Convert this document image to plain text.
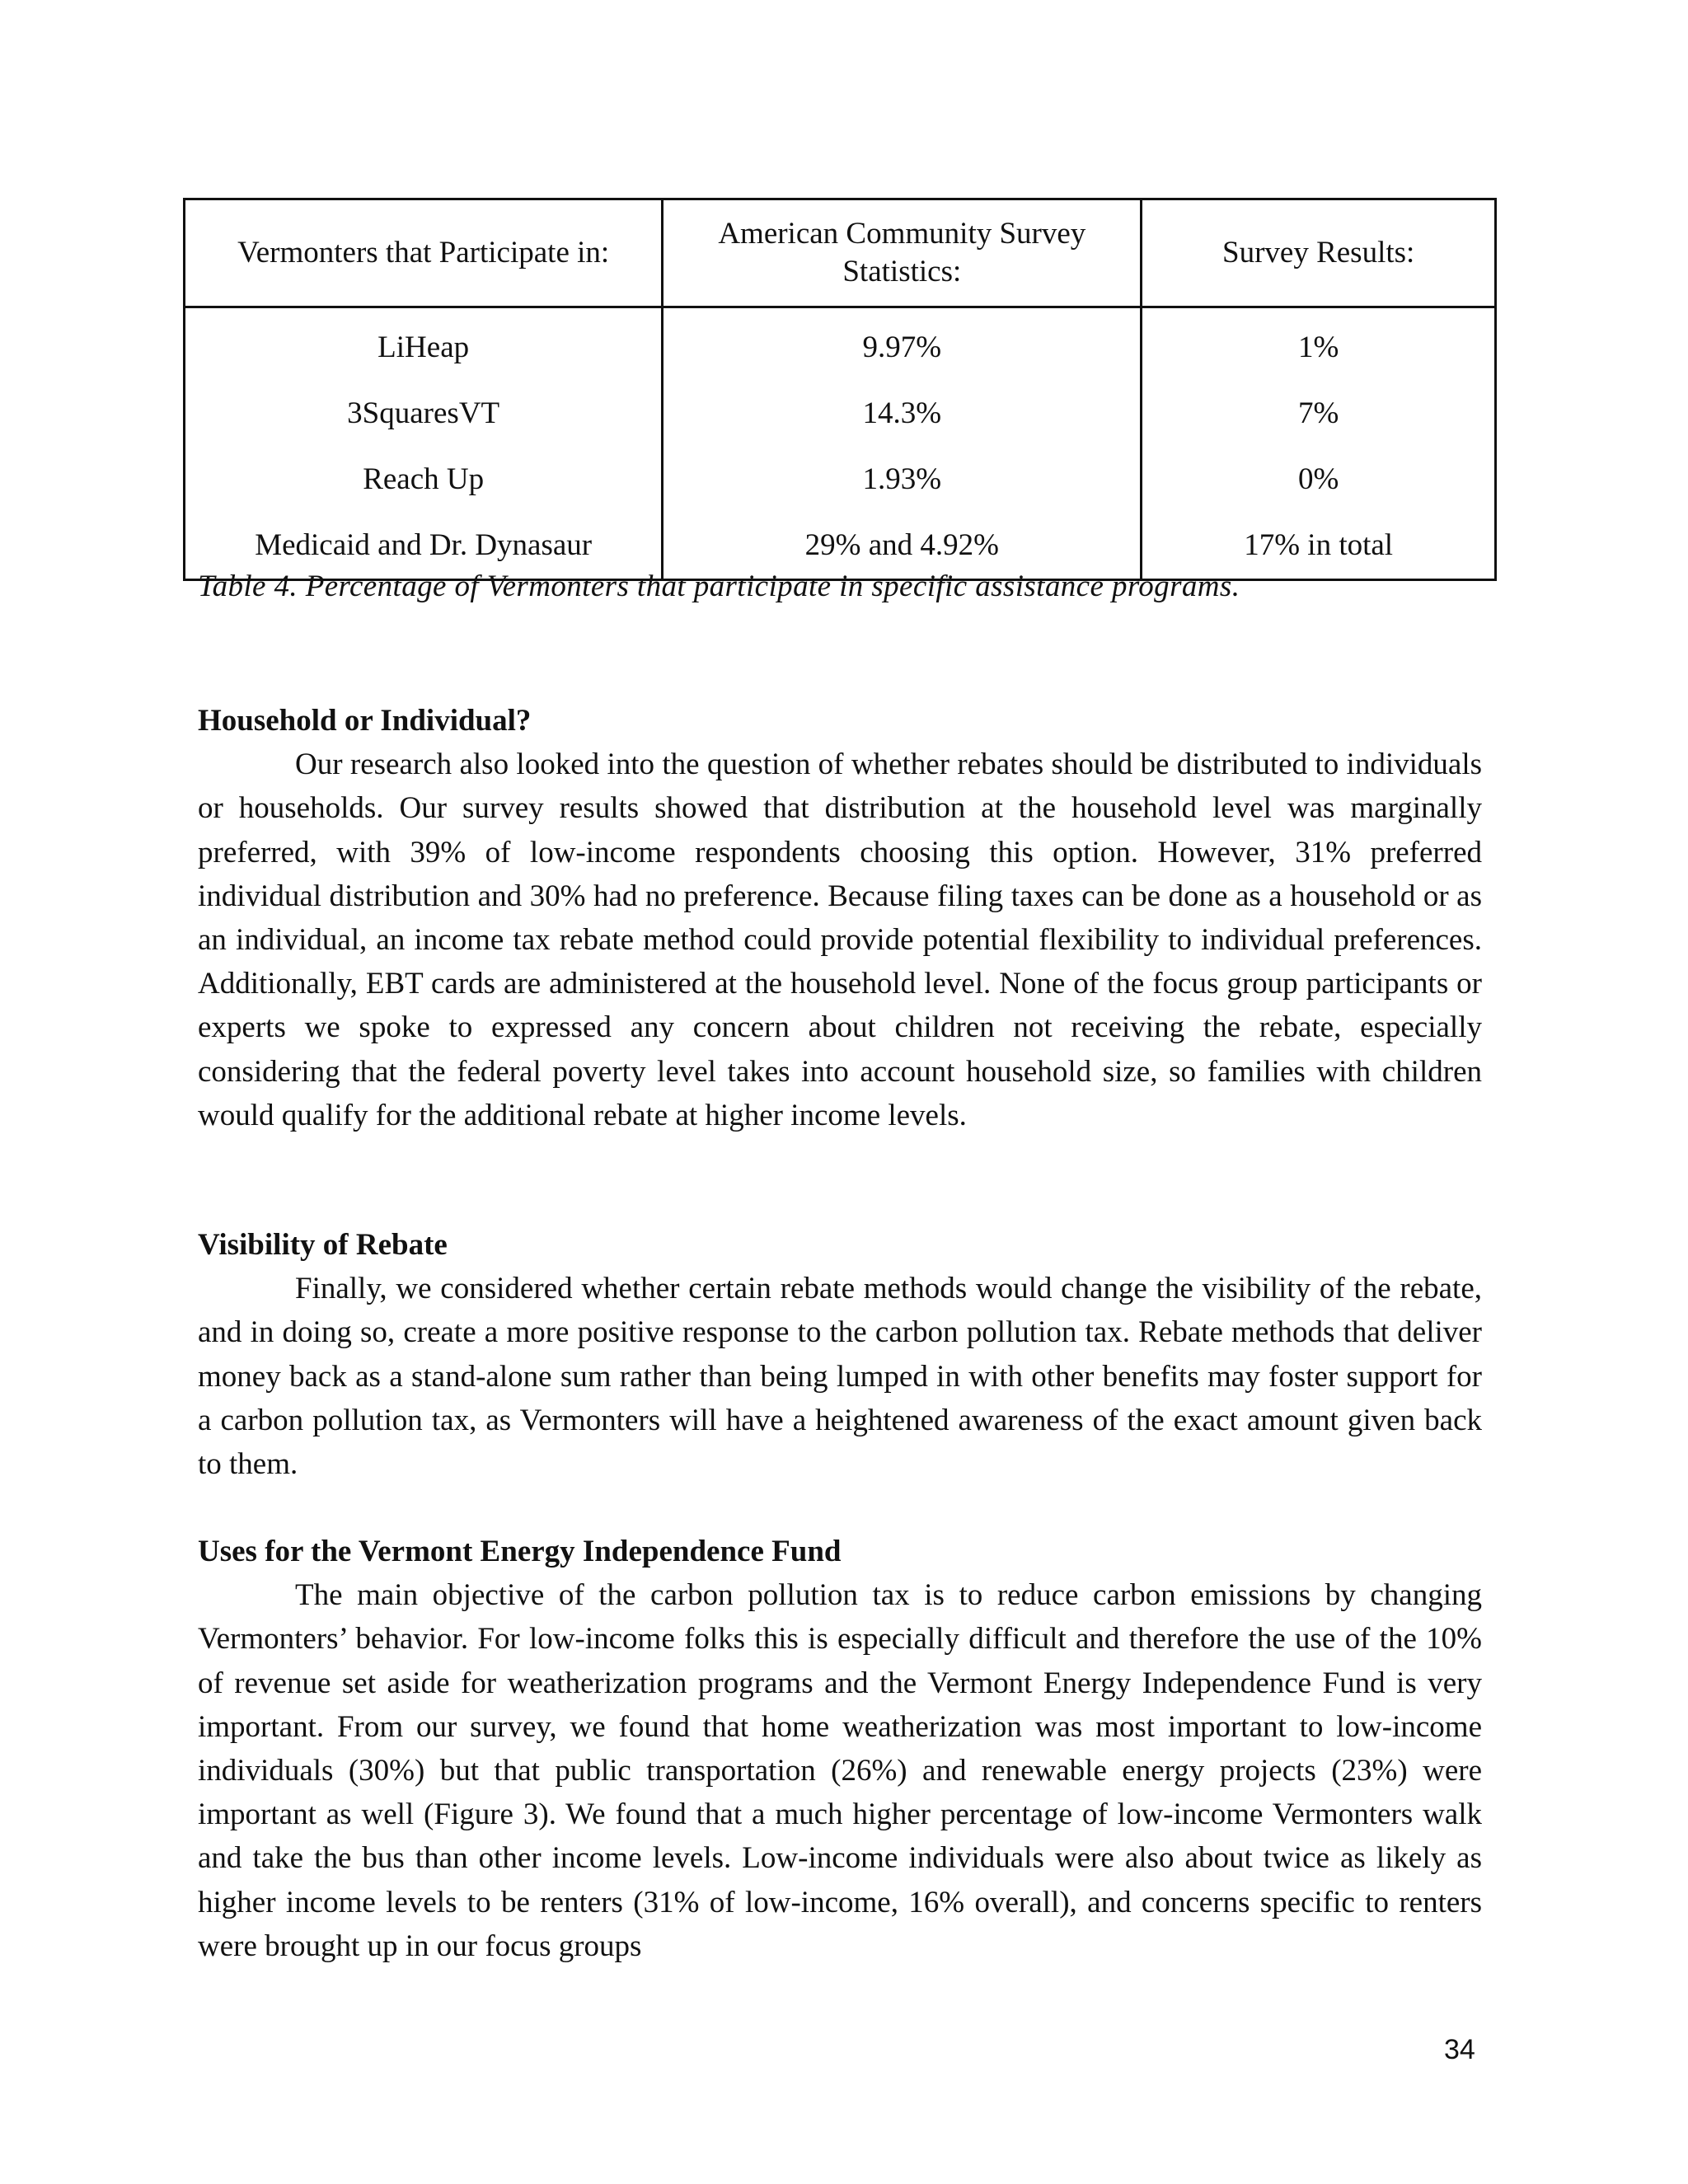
Vermonters that Participate in:	American Community Survey Statistics:	Survey Results:
LiHeap	9.97%	1%
3SquaresVT	14.3%	7%
Reach Up	1.93%	0%
Medicaid and Dr. Dynasaur	29% and 4.92%	17% in total
Table 4. Percentage of Vermonters that participate in specific assistance programs.
Household or Individual?

Our research also looked into the question of whether rebates should be distributed to individuals or households. Our survey results showed that distribution at the household level was marginally preferred, with 39% of low-income respondents choosing this option. However, 31% preferred individual distribution and 30% had no preference. Because filing taxes can be done as a household or as an individual, an income tax rebate method could provide potential flexibility to individual preferences. Additionally, EBT cards are administered at the household level. None of the focus group participants or experts we spoke to expressed any concern about children not receiving the rebate, especially considering that the federal poverty level takes into account household size, so families with children would qualify for the additional rebate at higher income levels.

Visibility of Rebate

Finally, we considered whether certain rebate methods would change the visibility of the rebate, and in doing so, create a more positive response to the carbon pollution tax. Rebate methods that deliver money back as a stand-alone sum rather than being lumped in with other benefits may foster support for a carbon pollution tax, as Vermonters will have a heightened awareness of the exact amount given back to them.

Uses for the Vermont Energy Independence Fund

The main objective of the carbon pollution tax is to reduce carbon emissions by changing Vermonters’ behavior. For low-income folks this is especially difficult and therefore the use of the 10% of revenue set aside for weatherization programs and the Vermont Energy Independence Fund is very important. From our survey, we found that home weatherization was most important to low-income individuals (30%) but that public transportation (26%) and renewable energy projects (23%) were important as well (Figure 3). We found that a much higher percentage of low-income Vermonters walk and take the bus than other income levels. Low-income individuals were also about twice as likely as higher income levels to be renters (31% of low-income, 16% overall), and concerns specific to renters were brought up in our focus groups

34
